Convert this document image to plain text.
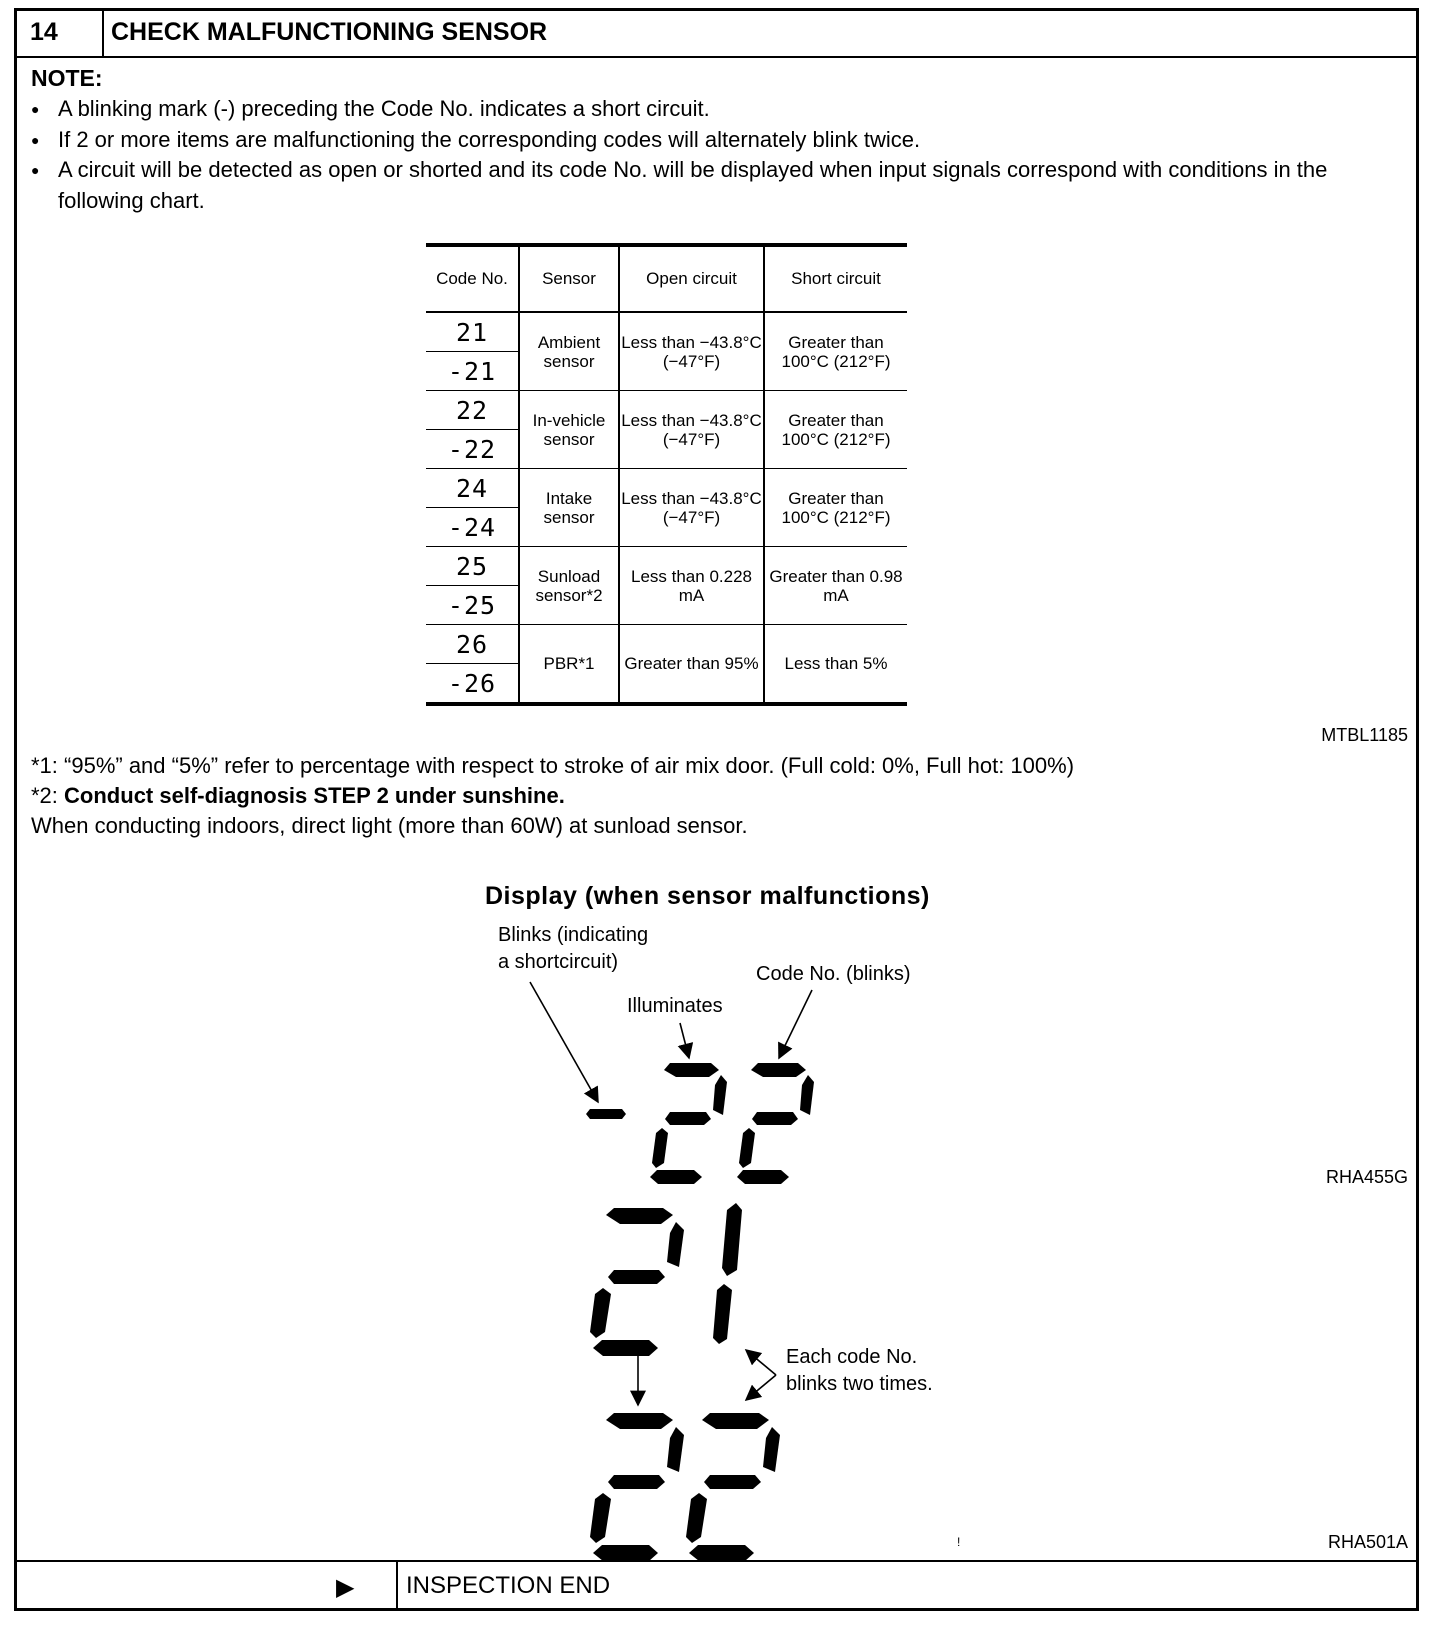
14 CHECK MALFUNCTIONING SENSOR
NOTE:
● A blinking mark (-) preceding the Code No. indicates a short circuit.
● If 2 or more items are malfunctioning the corresponding codes will alternately blink twice.
● A circuit will be detected as open or shorted and its code No. will be displayed when input signals correspond with conditions in the following chart.
Code No.	Sensor	Open circuit	Short circuit
21	Ambient sensor	Less than −43.8°C (−47°F)	Greater than 100°C (212°F)
-21			
22	In-vehicle sensor	Less than −43.8°C (−47°F)	Greater than 100°C (212°F)
-22			
24	Intake sensor	Less than −43.8°C (−47°F)	Greater than 100°C (212°F)
-24			
25	Sunload sensor*2	Less than 0.228 mA	Greater than 0.98 mA
-25			
26	PBR*1	Greater than 95%	Less than 5%
-26			
MTBL1185
*1: “95%” and “5%” refer to percentage with respect to stroke of air mix door. (Full cold: 0%, Full hot: 100%)
*2: Conduct self-diagnosis STEP 2 under sunshine.
When conducting indoors, direct light (more than 60W) at sunload sensor.
Display (when sensor malfunctions)
Blinks (indicating
a shortcircuit)
Code No. (blinks)
Illuminates
Each code No.
blinks two times.
RHA455G
RHA501A
!
▶ INSPECTION END
